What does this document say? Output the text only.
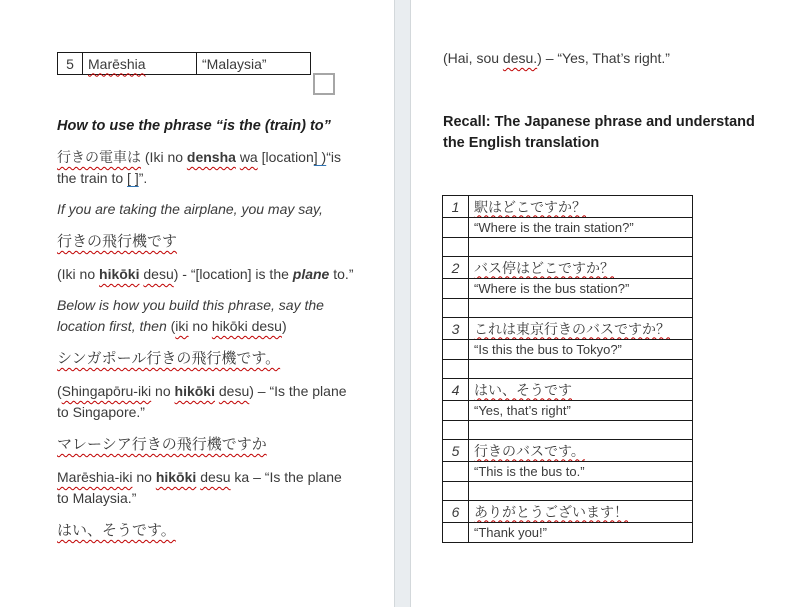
5	Marēshia	“Malaysia”

How to use the phrase “is the (train) to”

行きの電車は (Iki no densha wa [location] )“is the train to [ ]”.

If you are taking the airplane, you may say,

行きの飛行機です

(Iki no hikōki desu) - “[location] is the plane to.”

Below is how you build this phrase, say the location first, then (iki no hikōki desu)

シンガポール行きの飛行機です。

(Shingapōru-iki no hikōki desu) – “Is the plane to Singapore.”

マレーシア行きの飛行機ですか

Marēshia-iki no hikōki desu ka – “Is the plane to Malaysia.”

はい、そうです。

(Hai, sou desu.) – “Yes, That’s right.”

Recall: The Japanese phrase and understand the English translation

1	駅はどこですか？
	“Where is the train station?”

2	バス停はどこですか？
	“Where is the bus station?”

3	これは東京行きのバスですか？
	“Is this the bus to Tokyo?”

4	はい、そうです
	“Yes, that’s right”

5	行きのバスです。
	“This is the bus to.”

6	ありがとうございます！
	“Thank you!”
